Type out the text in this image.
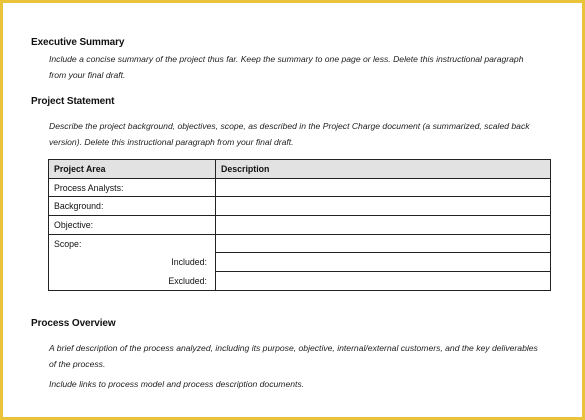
Executive Summary
Include a concise summary of the project thus far. Keep the summary to one page or less. Delete this instructional paragraph
from your final draft.
Project Statement
Describe the project background, objectives, scope, as described in the Project Charge document (a summarized, scaled back
version). Delete this instructional paragraph from your final draft.
Project Area	Description
Process Analysts:	
Background:	
Objective:	
Scope:	
Included:	
Excluded:	
Process Overview
A brief description of the process analyzed, including its purpose, objective, internal/external customers, and the key deliverables
of the process.
Include links to process model and process description documents.
